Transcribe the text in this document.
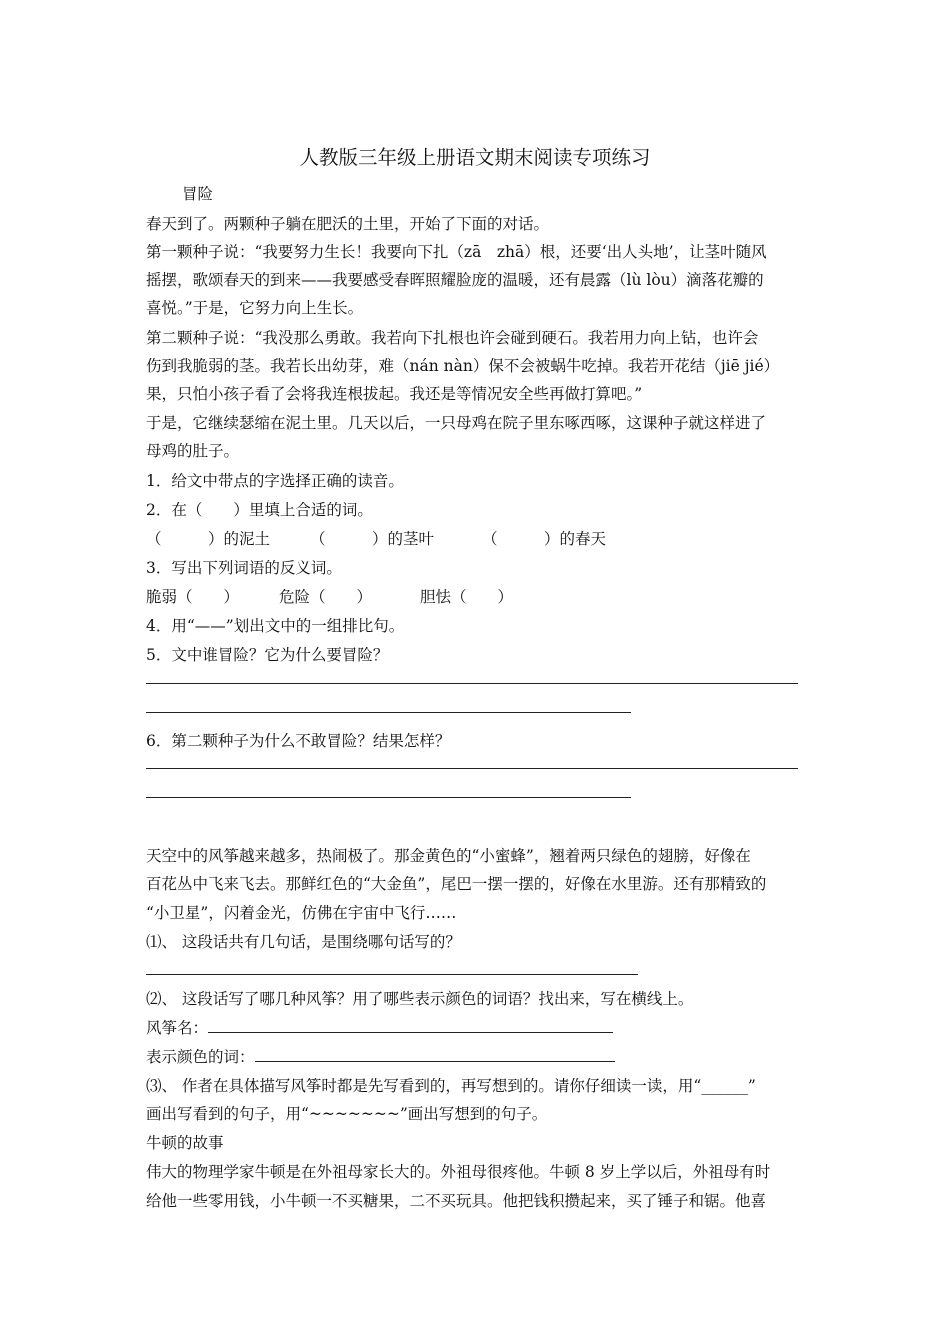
人教版三年级上册语文期末阅读专项练习
冒险
春天到了。两颗种子躺在肥沃的土里，开始了下面的对话。
第一颗种子说：“我要努力生长！我要向下扎（zā　zhā）根，还要‘出人头地’，让茎叶随风
摇摆，歌颂春天的到来——我要感受春晖照耀脸庞的温暖，还有晨露（lù lòu）滴落花瓣的
喜悦。”于是，它努力向上生长。
第二颗种子说：“我没那么勇敢。我若向下扎根也许会碰到硬石。我若用力向上钻，也许会
伤到我脆弱的茎。我若长出幼芽，难（nán nàn）保不会被蜗牛吃掉。我若开花结（jiē jié）
果，只怕小孩子看了会将我连根拔起。我还是等情况安全些再做打算吧。”
于是，它继续瑟缩在泥土里。几天以后，一只母鸡在院子里东啄西啄，这课种子就这样进了
母鸡的肚子。
1．给文中带点的字选择正确的读音。
2．在（　　）里填上合适的词。
（　　　）的泥土	（　　　）的茎叶	（　　　）的春天
3．写出下列词语的反义词。
脆弱（　　）	危险（　　）	胆怯（　　）
4．用“——”划出文中的一组排比句。
5．文中谁冒险？它为什么要冒险？
6．第二颗种子为什么不敢冒险？结果怎样？
天空中的风筝越来越多，热闹极了。那金黄色的“小蜜蜂”，翘着两只绿色的翅膀，好像在
百花丛中飞来飞去。那鲜红色的“大金鱼”，尾巴一摆一摆的，好像在水里游。还有那精致的
“小卫星”，闪着金光，仿佛在宇宙中飞行……
⑴、 这段话共有几句话，是围绕哪句话写的？
⑵、 这段话写了哪几种风筝？用了哪些表示颜色的词语？找出来，写在横线上。
风筝名：
表示颜色的词：
⑶、 作者在具体描写风筝时都是先写看到的，再写想到的。请你仔细读一读，用“______”
画出写看到的句子，用“~~~~~~~”画出写想到的句子。
牛顿的故事
伟大的物理学家牛顿是在外祖母家长大的。外祖母很疼他。牛顿 8 岁上学以后，外祖母有时
给他一些零用钱，小牛顿一不买糖果，二不买玩具。他把钱积攒起来，买了锤子和锯。他喜
